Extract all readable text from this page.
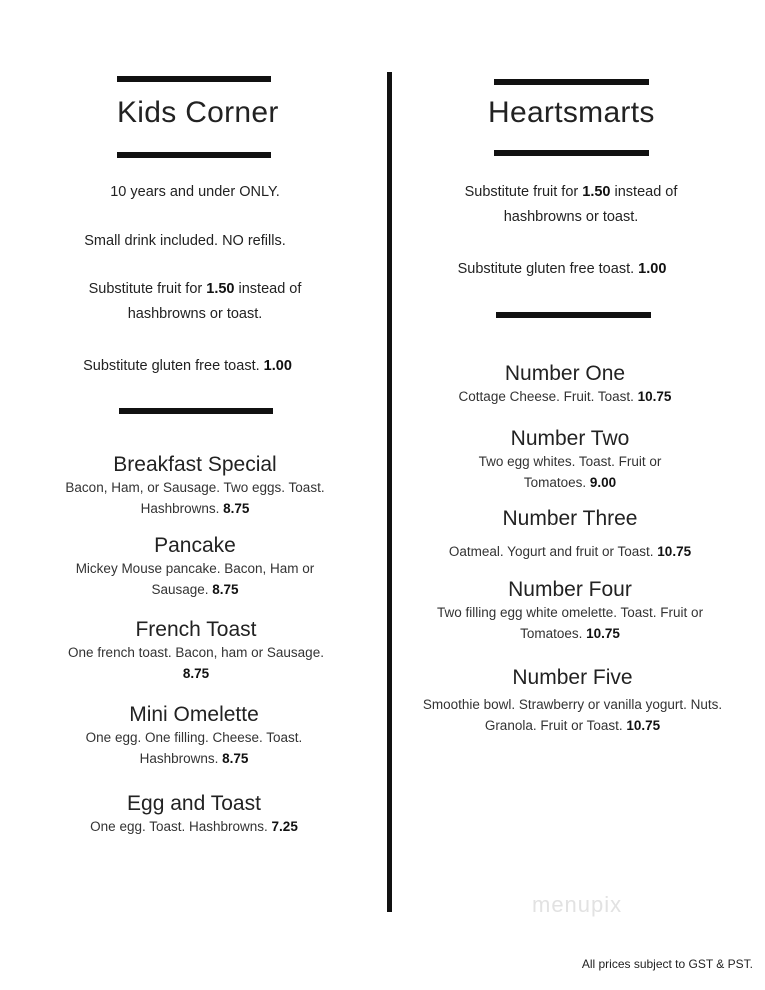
Kids Corner
10 years and under ONLY.
Small drink included. NO refills.
Substitute fruit for 1.50 instead of hashbrowns or toast.
Substitute gluten free toast. 1.00
Breakfast Special
Bacon, Ham, or Sausage. Two eggs. Toast. Hashbrowns. 8.75
Pancake
Mickey Mouse pancake. Bacon, Ham or Sausage. 8.75
French Toast
One french toast. Bacon, ham or Sausage. 8.75
Mini Omelette
One egg. One filling. Cheese. Toast. Hashbrowns. 8.75
Egg and Toast
One egg. Toast. Hashbrowns. 7.25
Heartsmarts
Substitute fruit for 1.50 instead of hashbrowns or toast.
Substitute gluten free toast. 1.00
Number One
Cottage Cheese. Fruit. Toast. 10.75
Number Two
Two egg whites. Toast. Fruit or Tomatoes. 9.00
Number Three
Oatmeal. Yogurt and fruit or Toast. 10.75
Number Four
Two filling egg white omelette. Toast. Fruit or Tomatoes. 10.75
Number Five
Smoothie bowl. Strawberry or vanilla yogurt. Nuts. Granola. Fruit or Toast. 10.75
menupix
All prices subject to GST & PST.
